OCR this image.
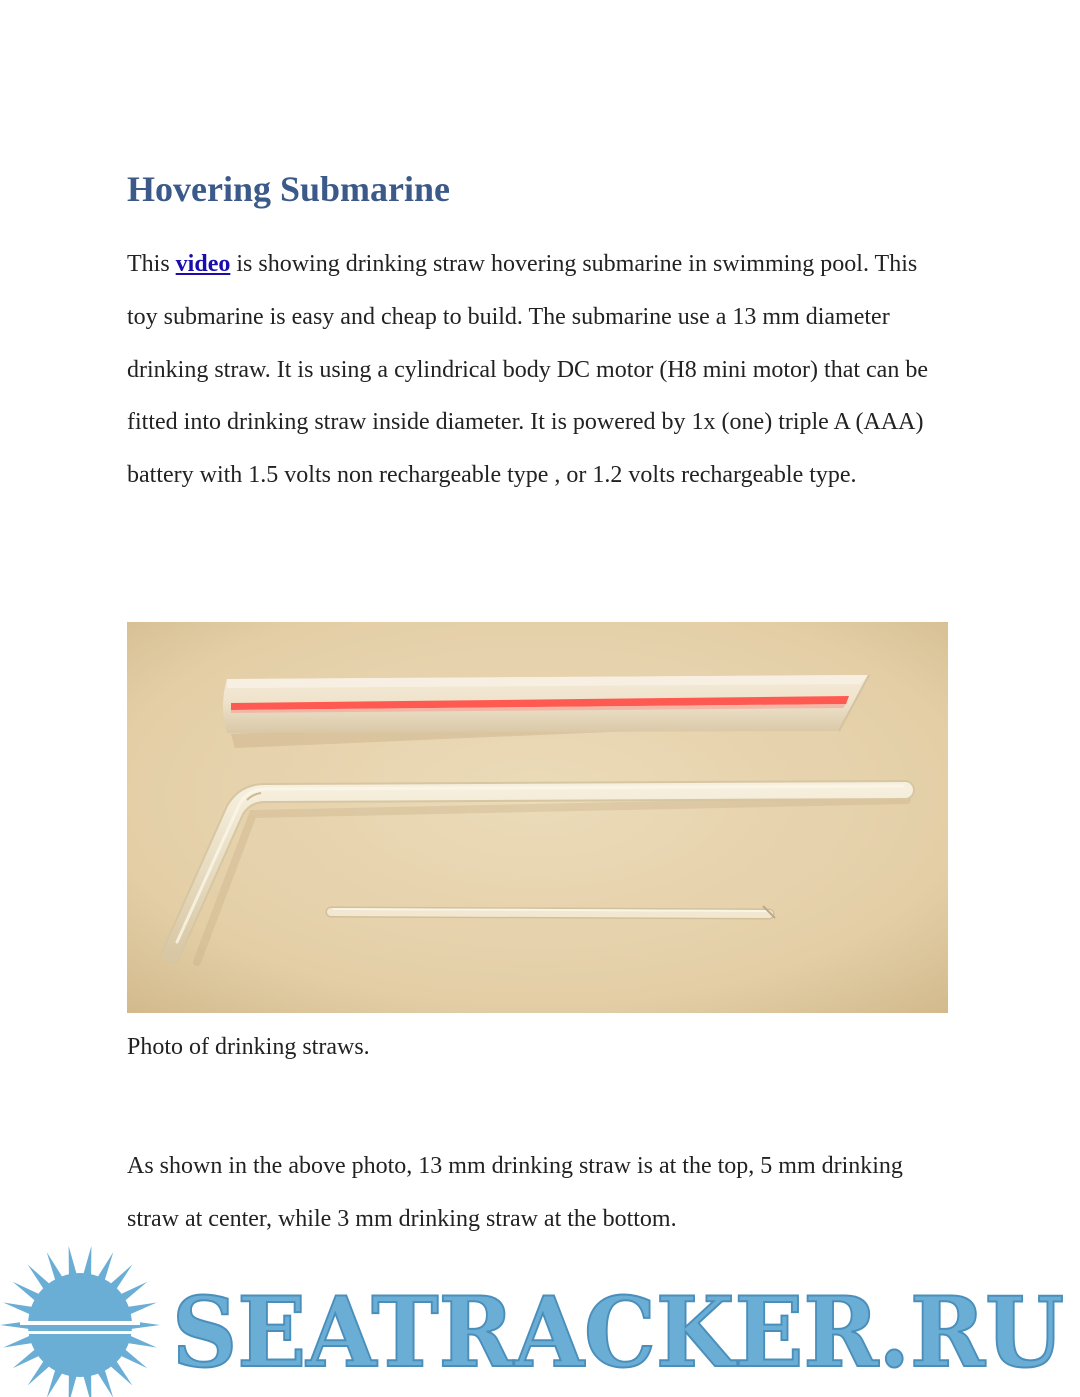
Hovering Submarine

This video is showing drinking straw hovering submarine in swimming pool. This toy submarine is easy and cheap to build. The submarine use a 13 mm diameter drinking straw. It is using a cylindrical body DC motor (H8 mini motor) that can be fitted into drinking straw inside diameter. It is powered by 1x (one) triple A (AAA) battery with 1.5 volts non rechargeable type , or 1.2 volts rechargeable type.

Photo of drinking straws.

As shown in the above photo, 13 mm drinking straw is at the top, 5 mm drinking straw at center, while 3 mm drinking straw at the bottom.

SEATRACKER.RU
